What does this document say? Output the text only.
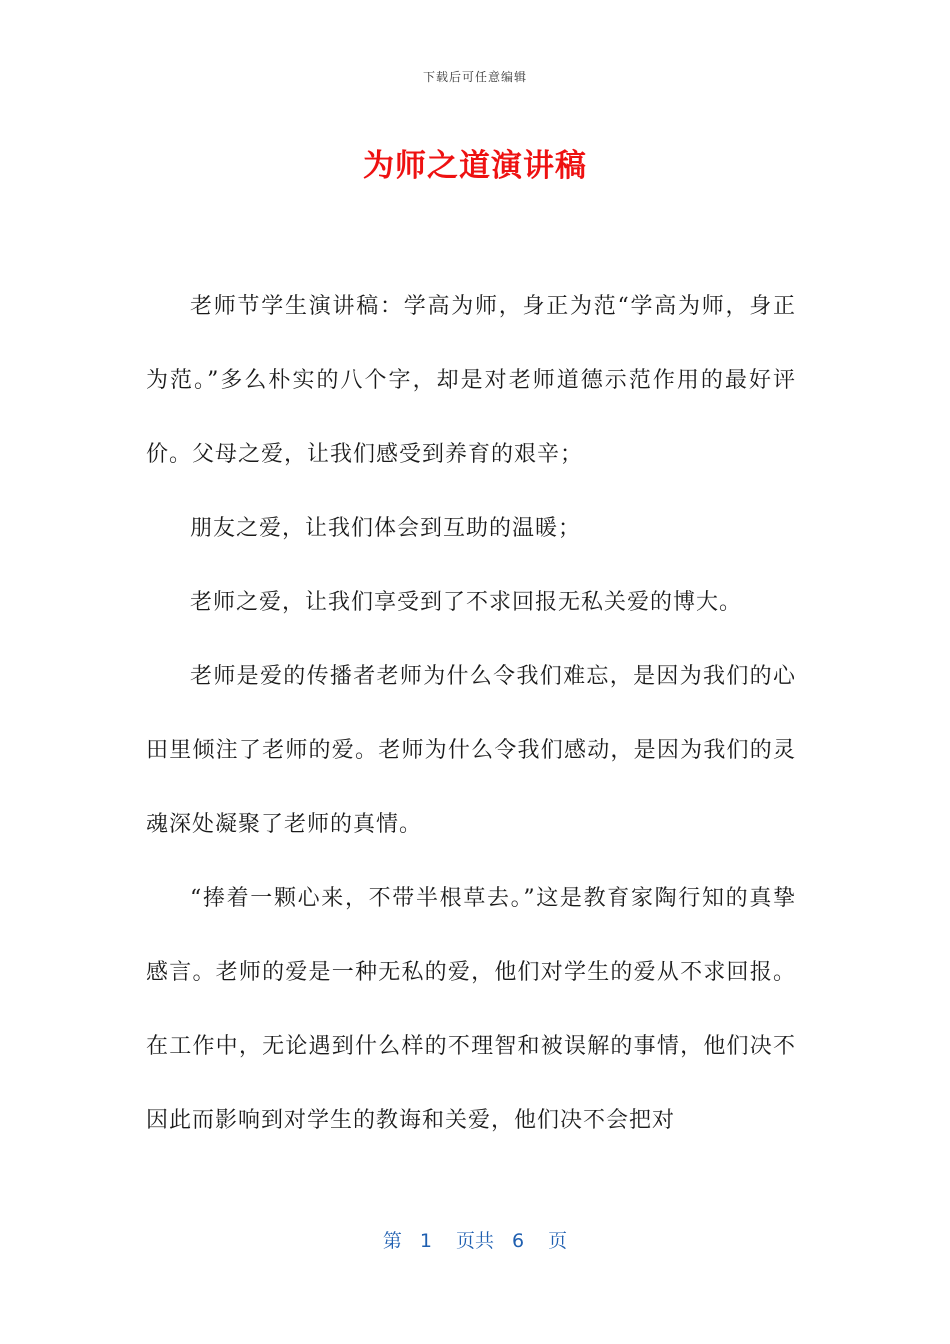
下载后可任意编辑
为师之道演讲稿

老师节学生演讲稿：学高为师，身正为范“学高为师，身正为范。”多么朴实的八个字，却是对老师道德示范作用的最好评价。父母之爱，让我们感受到养育的艰辛；

朋友之爱，让我们体会到互助的温暖；

老师之爱，让我们享受到了不求回报无私关爱的博大。

老师是爱的传播者老师为什么令我们难忘，是因为我们的心田里倾注了老师的爱。老师为什么令我们感动，是因为我们的灵魂深处凝聚了老师的真情。

“捧着一颗心来，不带半根草去。”这是教育家陶行知的真挚感言。老师的爱是一种无私的爱，他们对学生的爱从不求回报。在工作中，无论遇到什么样的不理智和被误解的事情，他们决不因此而影响到对学生的教诲和关爱，他们决不会把对

第 1 页共 6 页
